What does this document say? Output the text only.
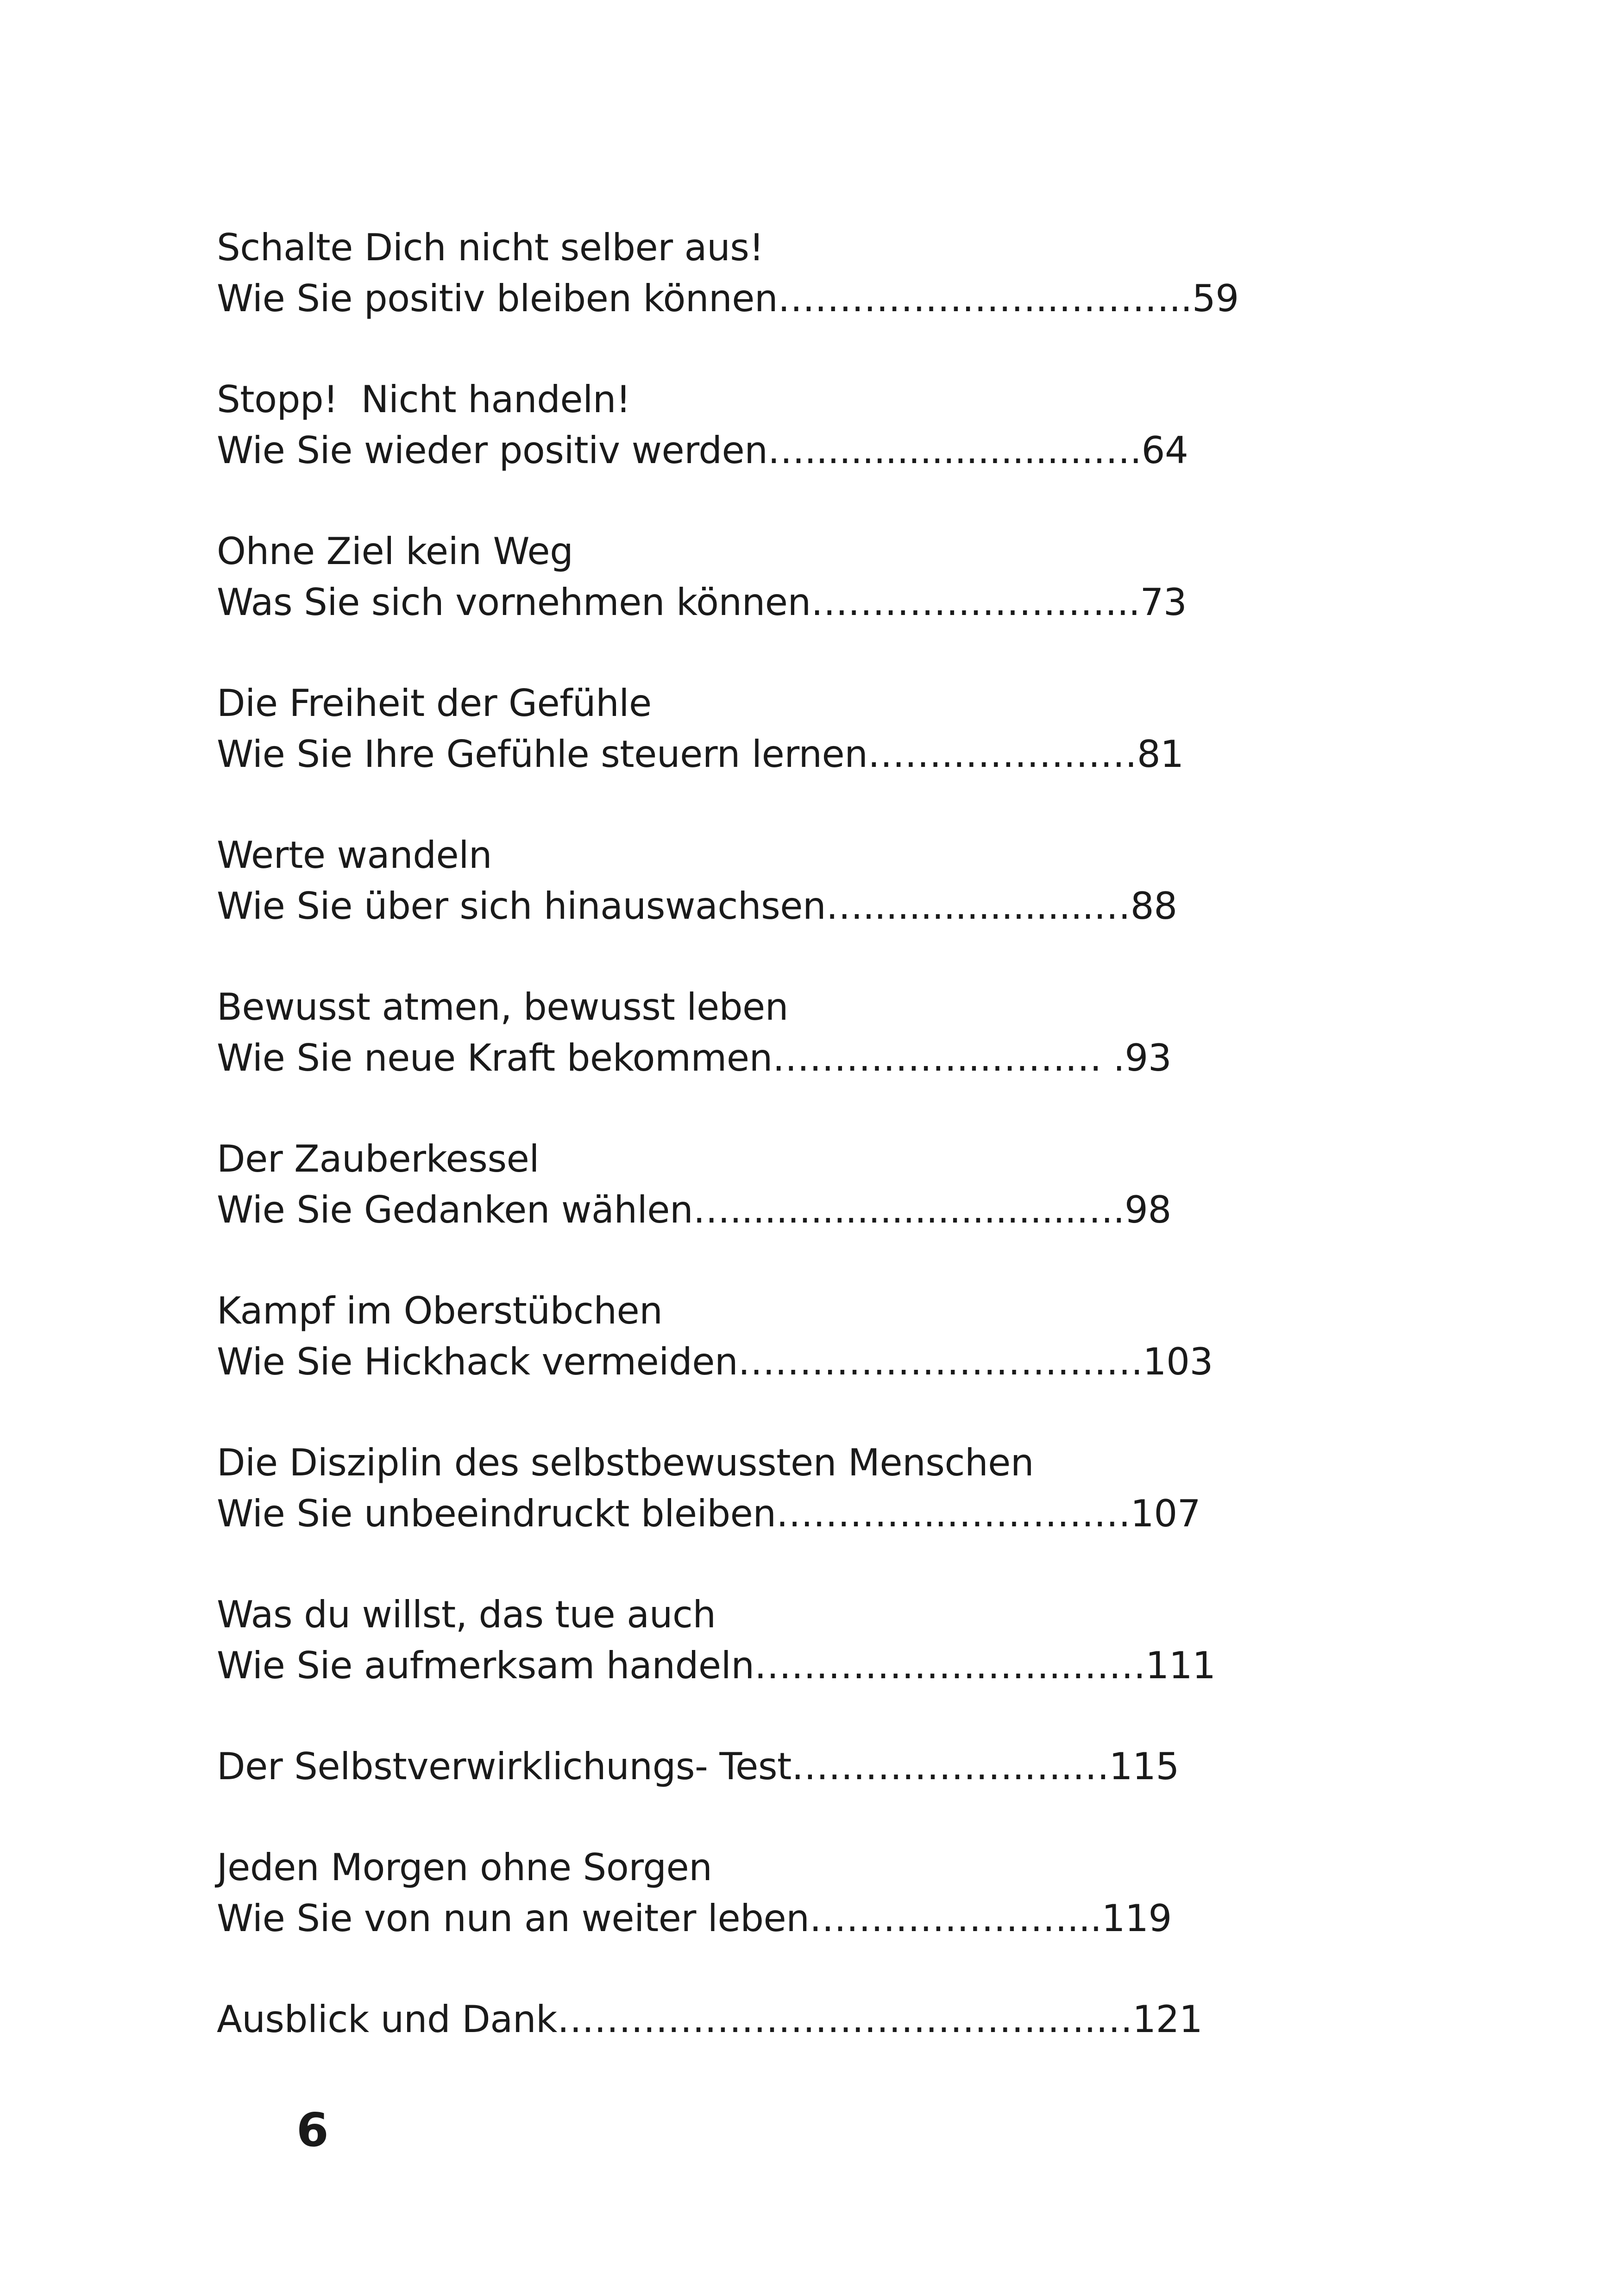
Schalte Dich nicht selber aus!
Wie Sie positiv bleiben können…………………..………..59
Stopp!  Nicht handeln!
Wie Sie wieder positiv werden….........................….64
Ohne Ziel kein Weg
Was Sie sich vornehmen können………….…………..73
Die Freiheit der Gefühle
Wie Sie Ihre Gefühle steuern lernen…….……………81
Werte wandeln
Wie Sie über sich hinauswachsen…....................…88
Bewusst atmen, bewusst leben
Wie Sie neue Kraft bekommen……………...……… .93
Der Zauberkessel
Wie Sie Gedanken wählen…..............................….98
Kampf im Oberstübchen
Wie Sie Hickhack vermeiden……………………………103
Die Disziplin des selbstbewussten Menschen
Wie Sie unbeeindruckt bleiben…………..……………107
Was du willst, das tue auch
Wie Sie aufmerksam handeln……………………..……111
Der Selbstverwirklichungs- Test……………….….…115
Jeden Morgen ohne Sorgen
Wie Sie von nun an weiter leben…………………...119
Ausblick und Dank………………………………….….…121
6
